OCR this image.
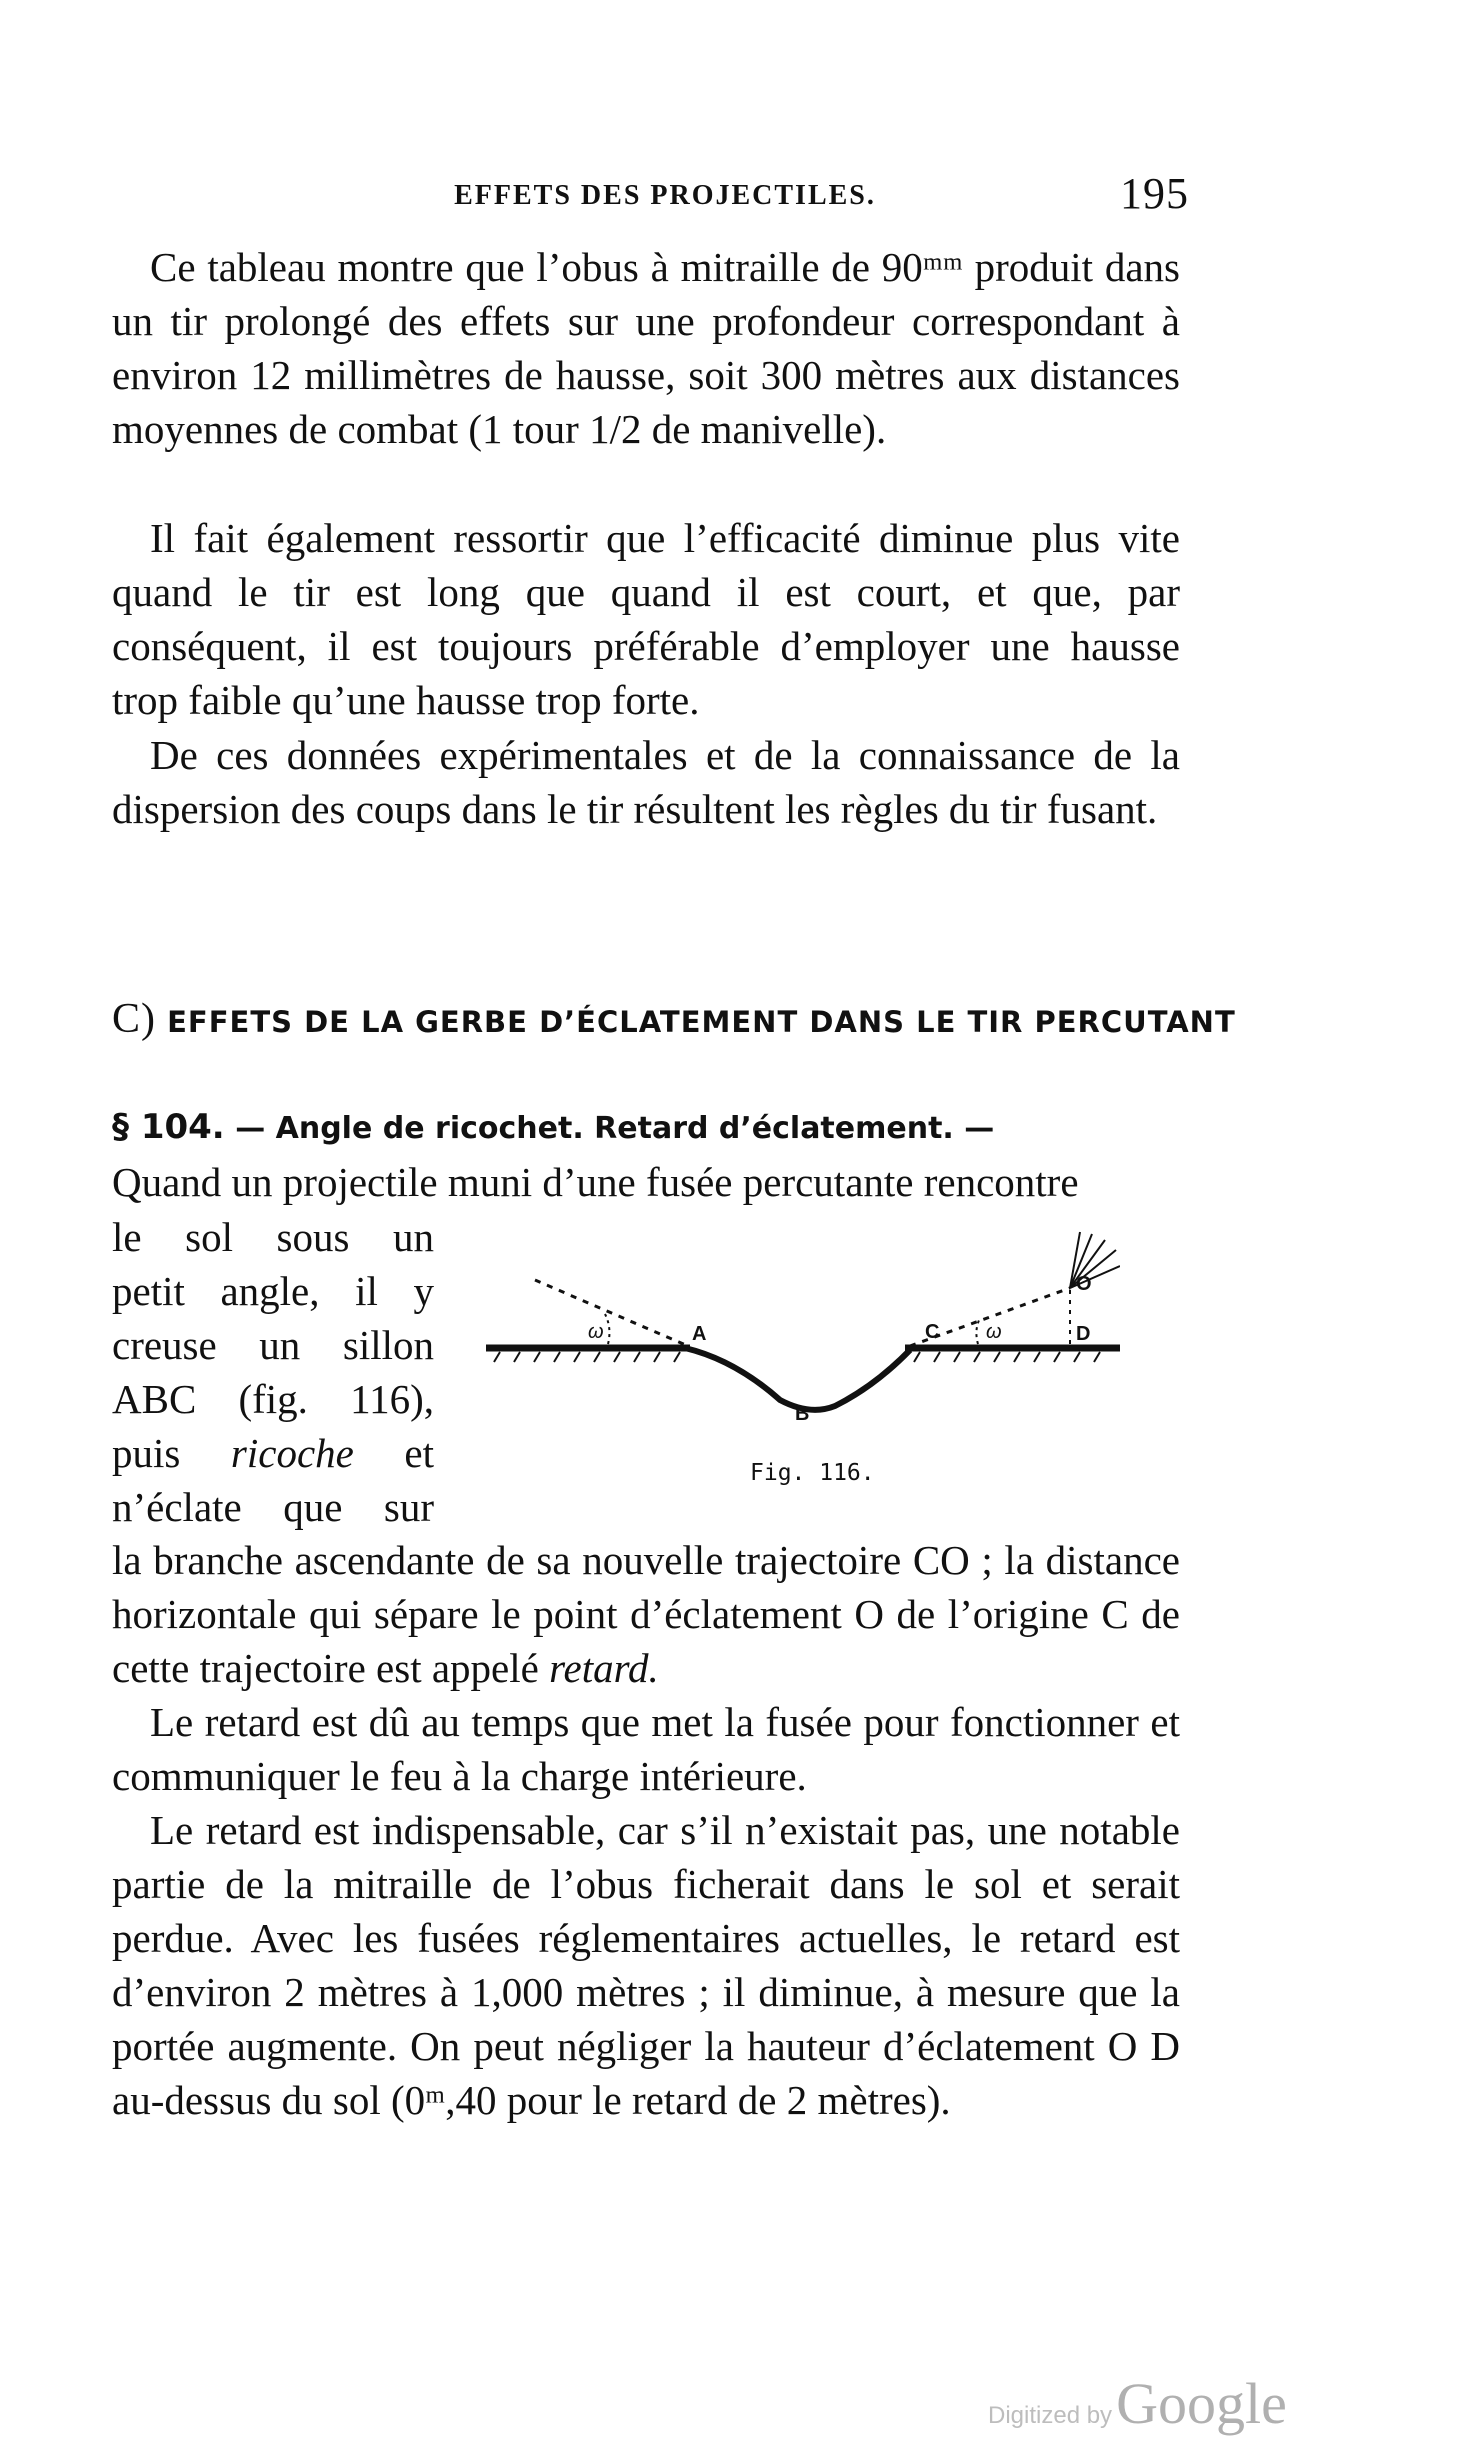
EFFETS DES PROJECTILES.	195

Ce tableau montre que l’obus à mitraille de 90ᵐᵐ produit dans un tir prolongé des effets sur une profondeur correspondant à environ 12 millimètres de hausse, soit 300 mètres aux distances moyennes de combat (1 tour 1/2 de manivelle).

Il fait également ressortir que l’efficacité diminue plus vite quand le tir est long que quand il est court, et que, par conséquent, il est toujours préférable d’employer une hausse trop faible qu’une hausse trop forte.

De ces données expérimentales et de la connaissance de la dispersion des coups dans le tir résultent les règles du tir fusant.

C) EFFETS DE LA GERBE D’ÉCLATEMENT DANS LE TIR PERCUTANT
§ 104. — Angle de ricochet. Retard d’éclatement. —
Quand un projectile muni d’une fusée percutante rencontre
le sol sous un
petit angle, il y
creuse un sillon
ABC (fig. 116),
puis ricoche et
n’éclate que sur
ω	A
B
C ω
O
D
Fig. 116.

la branche ascendante de sa nouvelle trajectoire CO ; la distance horizontale qui sépare le point d’éclatement O de l’origine C de cette trajectoire est appelé retard.

Le retard est dû au temps que met la fusée pour fonctionner et communiquer le feu à la charge intérieure.

Le retard est indispensable, car s’il n’existait pas, une notable partie de la mitraille de l’obus ficherait dans le sol et serait perdue. Avec les fusées réglementaires actuelles, le retard est d’environ 2 mètres à 1,000 mètres ; il diminue, à mesure que la portée augmente. On peut négliger la hauteur d’éclatement O D au-dessus du sol (0ᵐ,40 pour le retard de 2 mètres).

Digitized by Google
